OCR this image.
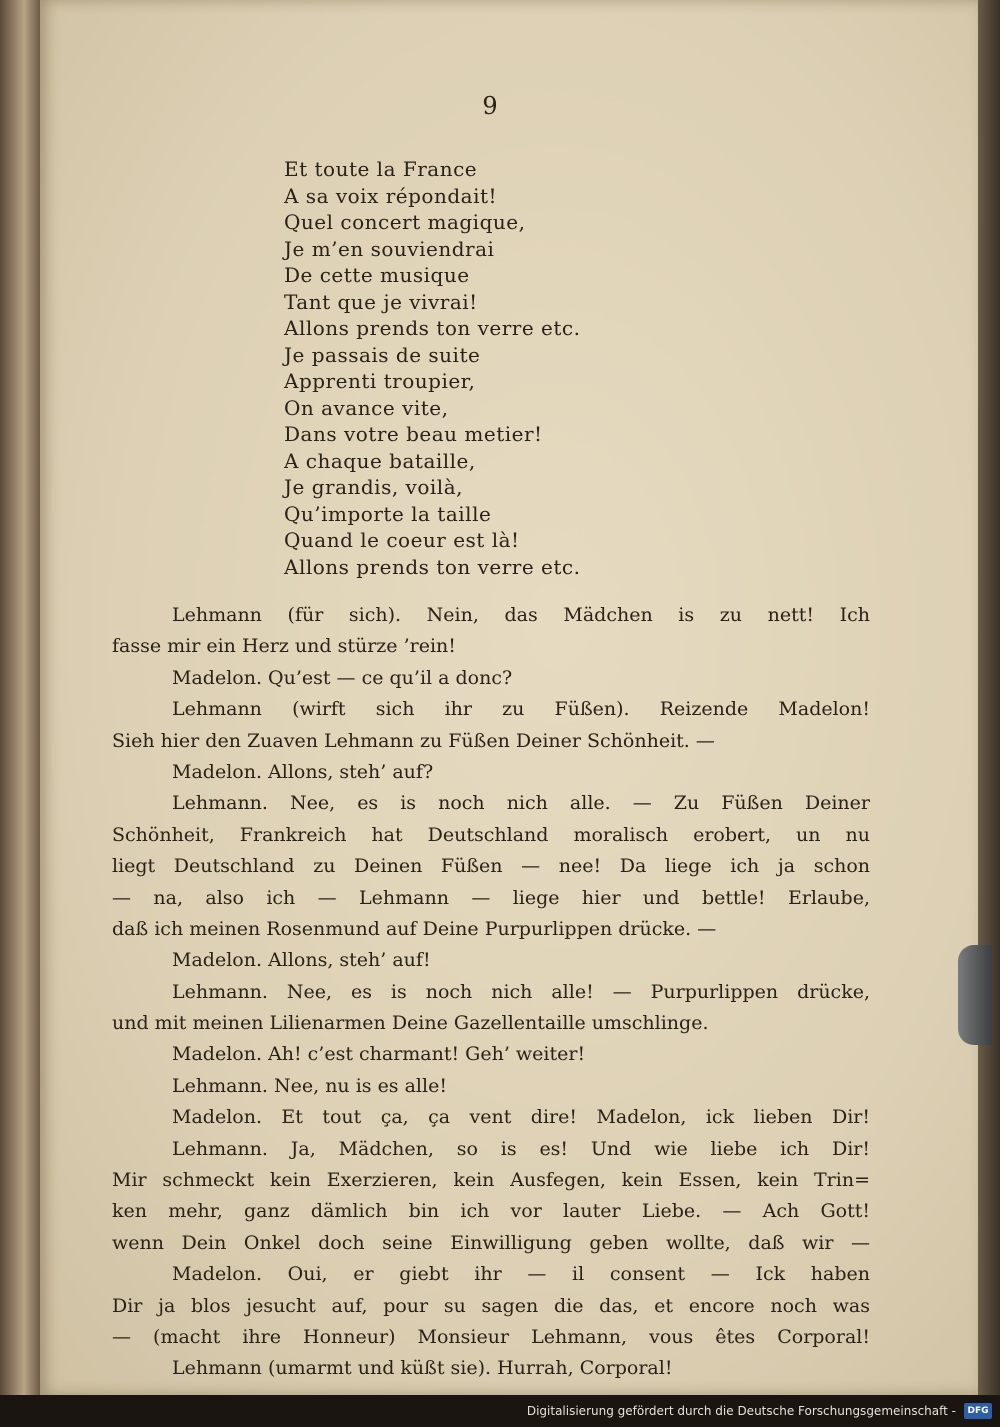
9
Et toute la France
A sa voix répondait!
Quel concert magique,
Je m’en souviendrai
De cette musique
Tant que je vivrai!
Allons prends ton verre etc.
Je passais de suite
Apprenti troupier,
On avance vite,
Dans votre beau metier!
A chaque bataille,
Je grandis, voilà,
Qu’importe la taille
Quand le coeur est là!
Allons prends ton verre etc.
Lehmann (für sich). Nein, das Mädchen is zu nett! Ich
fasse mir ein Herz und stürze ’rein!
Madelon. Qu’est — ce qu’il a donc?
Lehmann (wirft sich ihr zu Füßen). Reizende Madelon!
Sieh hier den Zuaven Lehmann zu Füßen Deiner Schönheit. —
Madelon. Allons, steh’ auf?
Lehmann. Nee, es is noch nich alle. — Zu Füßen Deiner
Schönheit, Frankreich hat Deutschland moralisch erobert, un nu
liegt Deutschland zu Deinen Füßen — nee! Da liege ich ja schon
— na, also ich — Lehmann — liege hier und bettle! Erlaube,
daß ich meinen Rosenmund auf Deine Purpurlippen drücke. —
Madelon. Allons, steh’ auf!
Lehmann. Nee, es is noch nich alle! — Purpurlippen drücke,
und mit meinen Lilienarmen Deine Gazellentaille umschlinge.
Madelon. Ah! c’est charmant! Geh’ weiter!
Lehmann. Nee, nu is es alle!
Madelon. Et tout ça, ça vent dire! Madelon, ick lieben Dir!
Lehmann. Ja, Mädchen, so is es! Und wie liebe ich Dir!
Mir schmeckt kein Exerzieren, kein Ausfegen, kein Essen, kein Trin=
ken mehr, ganz dämlich bin ich vor lauter Liebe. — Ach Gott!
wenn Dein Onkel doch seine Einwilligung geben wollte, daß wir —
Madelon. Oui, er giebt ihr — il consent — Ick haben
Dir ja blos jesucht auf, pour su sagen die das, et encore noch was
— (macht ihre Honneur) Monsieur Lehmann, vous êtes Corporal!
Lehmann (umarmt und küßt sie). Hurrah, Corporal!
Digitalisierung gefördert durch die Deutsche Forschungsgemeinschaft -	DFG
